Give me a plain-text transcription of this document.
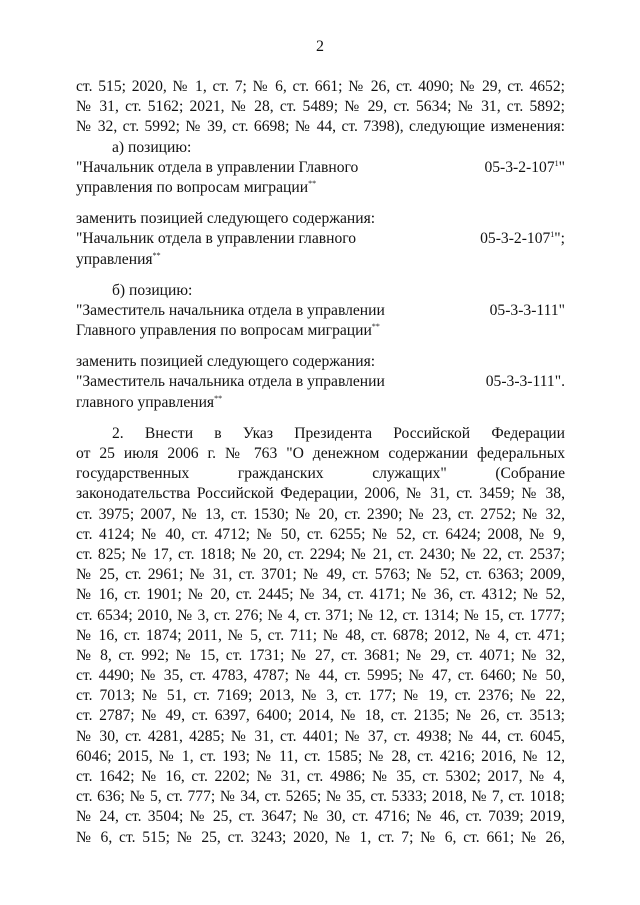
2
ст. 515; 2020, № 1, ст. 7; № 6, ст. 661; № 26, ст. 4090; № 29, ст. 4652;
№ 31, ст. 5162; 2021, № 28, ст. 5489; № 29, ст. 5634; № 31, ст. 5892;
№ 32, ст. 5992; № 39, ст. 6698; № 44, ст. 7398), следующие изменения:
а) позицию:
"Начальник отдела в управлении Главного	$05-3-2-107^1$"
управления по вопросам миграции**
заменить позицией следующего содержания:
"Начальник отдела в управлении главного	$05-3-2-107^1$";
управления**
б) позицию:
"Заместитель начальника отдела в управлении	05-3-3-111"
Главного управления по вопросам миграции**
заменить позицией следующего содержания:
"Заместитель начальника отдела в управлении	05-3-3-111".
главного управления**
2. Внести в Указ Президента Российской Федерации
от 25 июля 2006 г. № 763 "О денежном содержании федеральных
государственных гражданских служащих" (Собрание
законодательства Российской Федерации, 2006, № 31, ст. 3459; № 38,
ст. 3975; 2007, № 13, ст. 1530; № 20, ст. 2390; № 23, ст. 2752; № 32,
ст. 4124; № 40, ст. 4712; № 50, ст. 6255; № 52, ст. 6424; 2008, № 9,
ст. 825; № 17, ст. 1818; № 20, ст. 2294; № 21, ст. 2430; № 22, ст. 2537;
№ 25, ст. 2961; № 31, ст. 3701; № 49, ст. 5763; № 52, ст. 6363; 2009,
№ 16, ст. 1901; № 20, ст. 2445; № 34, ст. 4171; № 36, ст. 4312; № 52,
ст. 6534; 2010, № 3, ст. 276; № 4, ст. 371; № 12, ст. 1314; № 15, ст. 1777;
№ 16, ст. 1874; 2011, № 5, ст. 711; № 48, ст. 6878; 2012, № 4, ст. 471;
№ 8, ст. 992; № 15, ст. 1731; № 27, ст. 3681; № 29, ст. 4071; № 32,
ст. 4490; № 35, ст. 4783, 4787; № 44, ст. 5995; № 47, ст. 6460; № 50,
ст. 7013; № 51, ст. 7169; 2013, № 3, ст. 177; № 19, ст. 2376; № 22,
ст. 2787; № 49, ст. 6397, 6400; 2014, № 18, ст. 2135; № 26, ст. 3513;
№ 30, ст. 4281, 4285; № 31, ст. 4401; № 37, ст. 4938; № 44, ст. 6045,
6046; 2015, № 1, ст. 193; № 11, ст. 1585; № 28, ст. 4216; 2016, № 12,
ст. 1642; № 16, ст. 2202; № 31, ст. 4986; № 35, ст. 5302; 2017, № 4,
ст. 636; № 5, ст. 777; № 34, ст. 5265; № 35, ст. 5333; 2018, № 7, ст. 1018;
№ 24, ст. 3504; № 25, ст. 3647; № 30, ст. 4716; № 46, ст. 7039; 2019,
№ 6, ст. 515; № 25, ст. 3243; 2020, № 1, ст. 7; № 6, ст. 661; № 26,
